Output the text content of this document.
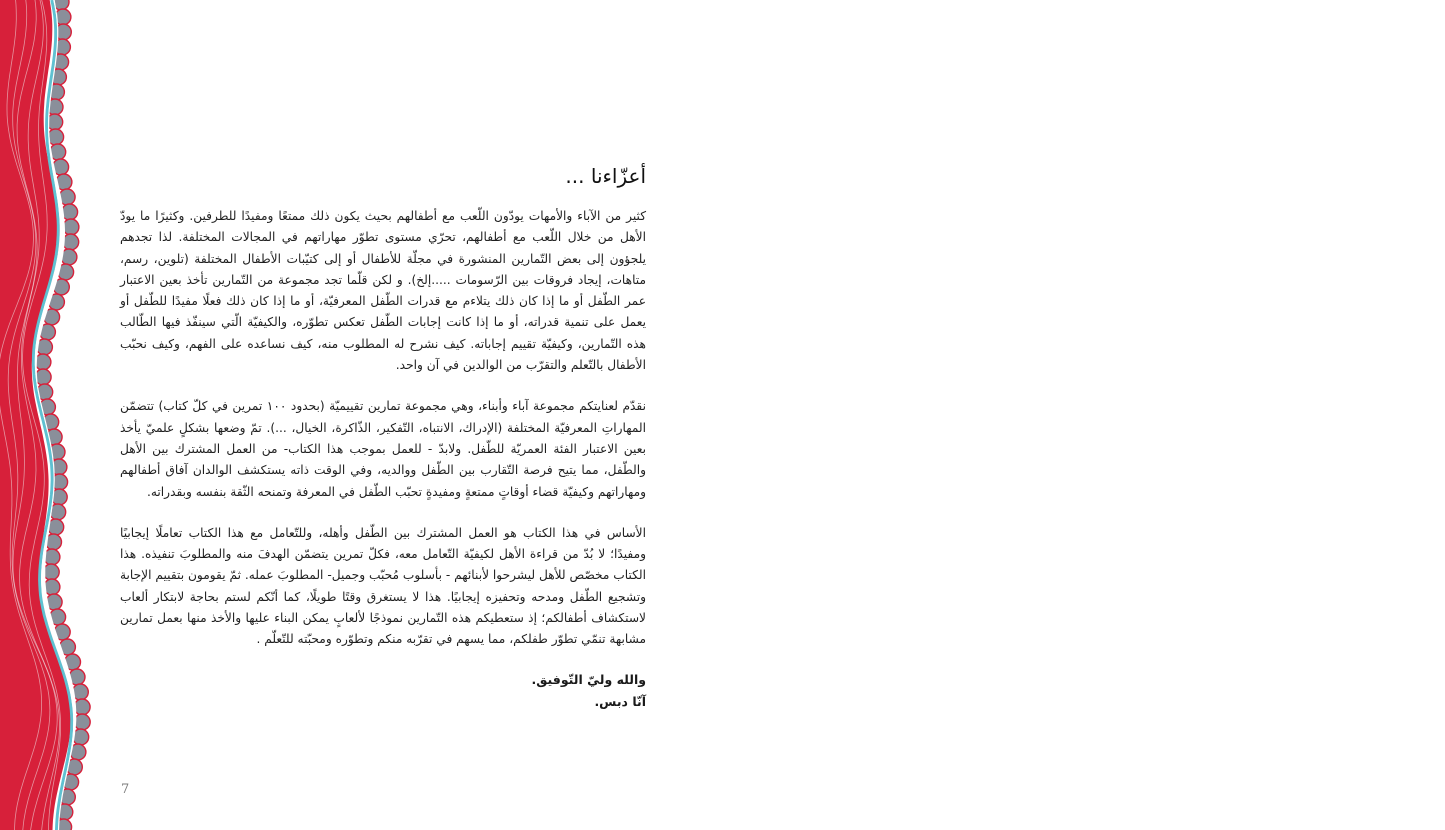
أعزّاءنا ...

كثير من الآباء والأمهات يودّون اللّعب مع أطفالهم بحيث يكون ذلك ممتعًا ومفيدًا للطرفين. وكثيرًا ما يودّ الأهل من خلال اللّعب مع أطفالهم، تحرّي مستوى تطوّر مهاراتهم في المجالات المختلفة. لذا تجدهم يلجؤون إلى بعض التّمارين المنشورة في مجلّة للأطفال أو إلى كتيّبات الأطفال المختلفة (تلوين، رسم، متاهات، إيجاد فروقات بين الرّسومات .....إلخ). و لكن قلّما تجد مجموعة من التّمارين تأخذ بعين الاعتبار عمر الطّفل أو ما إذا كان ذلك يتلاءم مع قدرات الطّفل المعرفيّة، أو ما إذا كان ذلك فعلًا مفيدًا للطّفل أو يعمل على تنمية قدراته، أو ما إذا كانت إجابات الطّفل تعكس تطوّره، والكيفيّة الّتي سينفّذ فيها الطّالب هذه التّمارين، وكيفيّة تقييم إجاباته. كيف نشرح له المطلوب منه، كيف نساعده على الفهم، وكيف نحبّب الأطفال بالتّعلم والتقرّب من الوالدين في آن واحد.

نقدّم لعنايتكم مجموعة آباء وأبناء، وهي مجموعة تمارين تقييميّة (بحدود ١٠٠ تمرين في كلّ كتاب) تتضمّن المهاراتِ المعرفيّة المختلفة (الإدراك، الانتباه، التّفكير، الذّاكرة، الخيال، ...). تمّ وضعها بشكلٍ علميّ يأخذ بعين الاعتبار الفئة العمريّة للطّفل. ولابدّ - للعمل بموجب هذا الكتاب- من العمل المشترك بين الأهل والطّفل، مما يتيح فرصة التّقارب بين الطّفل ووالديه، وفي الوقت ذاته يستكشف الوالدان آفاق أطفالهم ومهاراتهم وكيفيّة قضاء أوقاتٍ ممتعةٍ ومفيدةٍ تحبّب الطّفل في المعرفة وتمنحه الثّقة بنفسه وبقدراته.

الأساس في هذا الكتاب هو العمل المشترك بين الطّفل وأهله، وللتّعامل مع هذا الكتاب تعاملًا إيجابيًا ومفيدًا؛ لا بُدّ من قراءة الأهل لكيفيّة التّعامل معه، فكلّ تمرين يتضمّن الهدفَ منه والمطلوبَ تنفيذه. هذا الكتاب مخصّص للأهل ليشرحوا لأبنائهم - بأسلوب مُحبّب وجميل- المطلوبَ عمله. ثمّ يقومون بتقييم الإجابة وتشجيع الطّفل ومدحه وتحفيزه إيجابيًا. هذا لا يستغرق وقتًا طويلًا، كما أنّكم لستم بحاجة لابتكار ألعاب لاستكشاف أطفالكم؛ إذ ستعطيكم هذه التّمارين نموذجًا لألعابٍ يمكن البناء عليها والأخذ منها بعمل تمارين مشابهة تنمّي تطوّر طفلكم، مما يسهم في تقرّبه منكم وتطوّره ومحبّته للتّعلّم .

والله وليّ التّوفيق.

آنّا دبس.

7
